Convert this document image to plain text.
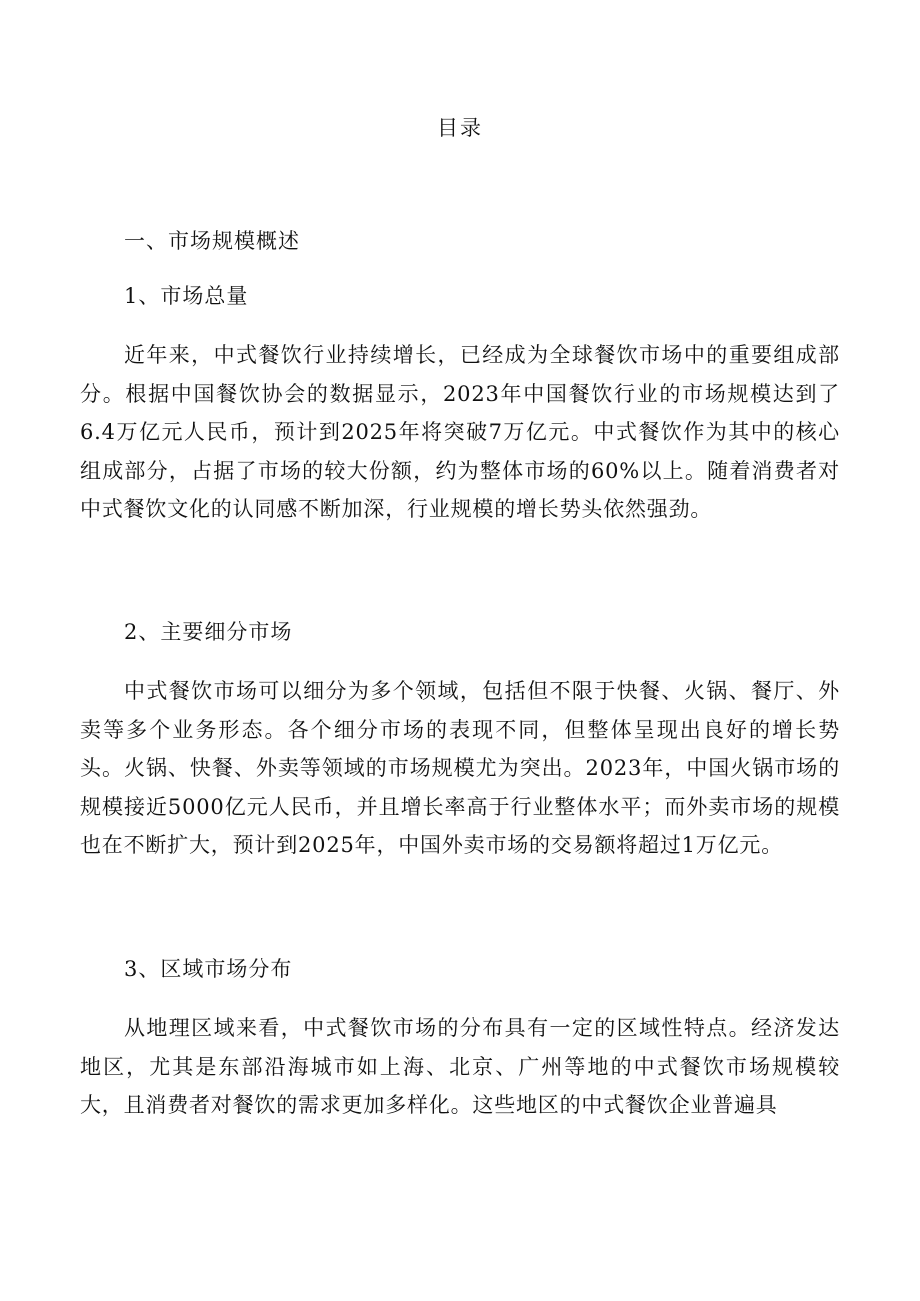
目录
一、市场规模概述
1、市场总量

近年来，中式餐饮行业持续增长，已经成为全球餐饮市场中的重要组成部分。根据中国餐饮协会的数据显示，2023年中国餐饮行业的市场规模达到了6.4万亿元人民币，预计到2025年将突破7万亿元。中式餐饮作为其中的核心组成部分，占据了市场的较大份额，约为整体市场的60%以上。随着消费者对中式餐饮文化的认同感不断加深，行业规模的增长势头依然强劲。

2、主要细分市场

中式餐饮市场可以细分为多个领域，包括但不限于快餐、火锅、餐厅、外卖等多个业务形态。各个细分市场的表现不同，但整体呈现出良好的增长势头。火锅、快餐、外卖等领域的市场规模尤为突出。2023年，中国火锅市场的规模接近5000亿元人民币，并且增长率高于行业整体水平；而外卖市场的规模也在不断扩大，预计到2025年，中国外卖市场的交易额将超过1万亿元。

3、区域市场分布

从地理区域来看，中式餐饮市场的分布具有一定的区域性特点。经济发达地区，尤其是东部沿海城市如上海、北京、广州等地的中式餐饮市场规模较大，且消费者对餐饮的需求更加多样化。这些地区的中式餐饮企业普遍具
